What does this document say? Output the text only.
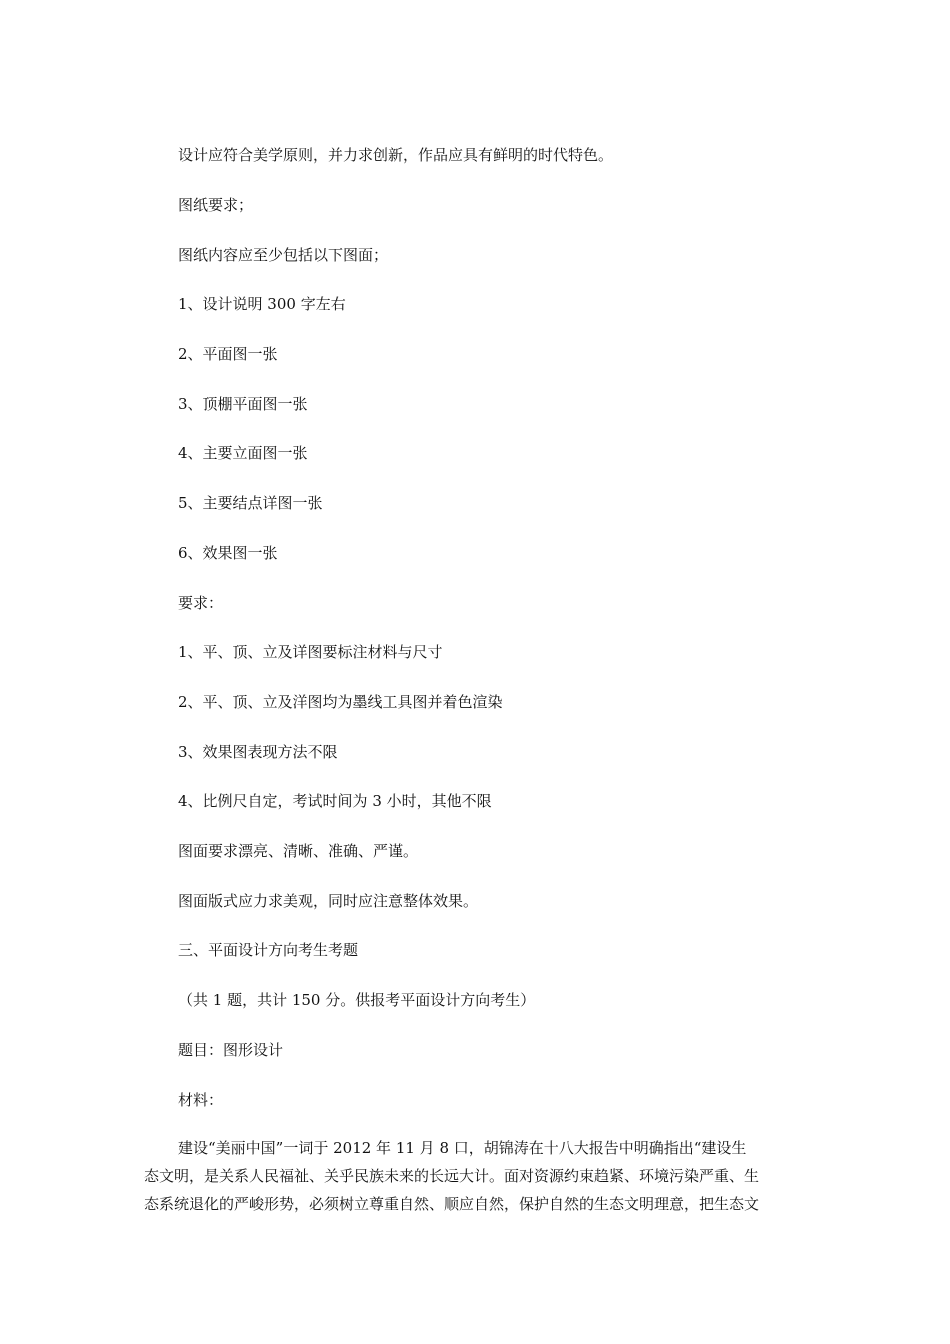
设计应符合美学原则，并力求创新，作品应具有鲜明的时代特色。
图纸要求；
图纸内容应至少包括以下图面；
1、设计说明 300 字左右
2、平面图一张
3、顶棚平面图一张
4、主要立面图一张
5、主要结点详图一张
6、效果图一张
要求：
1、平、顶、立及详图要标注材料与尺寸
2、平、顶、立及洋图均为墨线工具图并着色渲染
3、效果图表现方法不限
4、比例尺自定，考试时间为 3 小时，其他不限
图面要求漂亮、清晰、准确、严谨。
图面版式应力求美观，同时应注意整体效果。
三、平面设计方向考生考题
（共 1 题，共计 150 分。供报考平面设计方向考生）
题目：图形设计
材料：
建设“美丽中国”一词于 2012 年 11 月 8 口，胡锦涛在十八大报告中明确指出“建设生
态文明，是关系人民福祉、关乎民族未来的长远大计。面对资源约束趋紧、环境污染严重、生
态系统退化的严峻形势，必须树立尊重自然、顺应自然，保护自然的生态文明理意，把生态文
